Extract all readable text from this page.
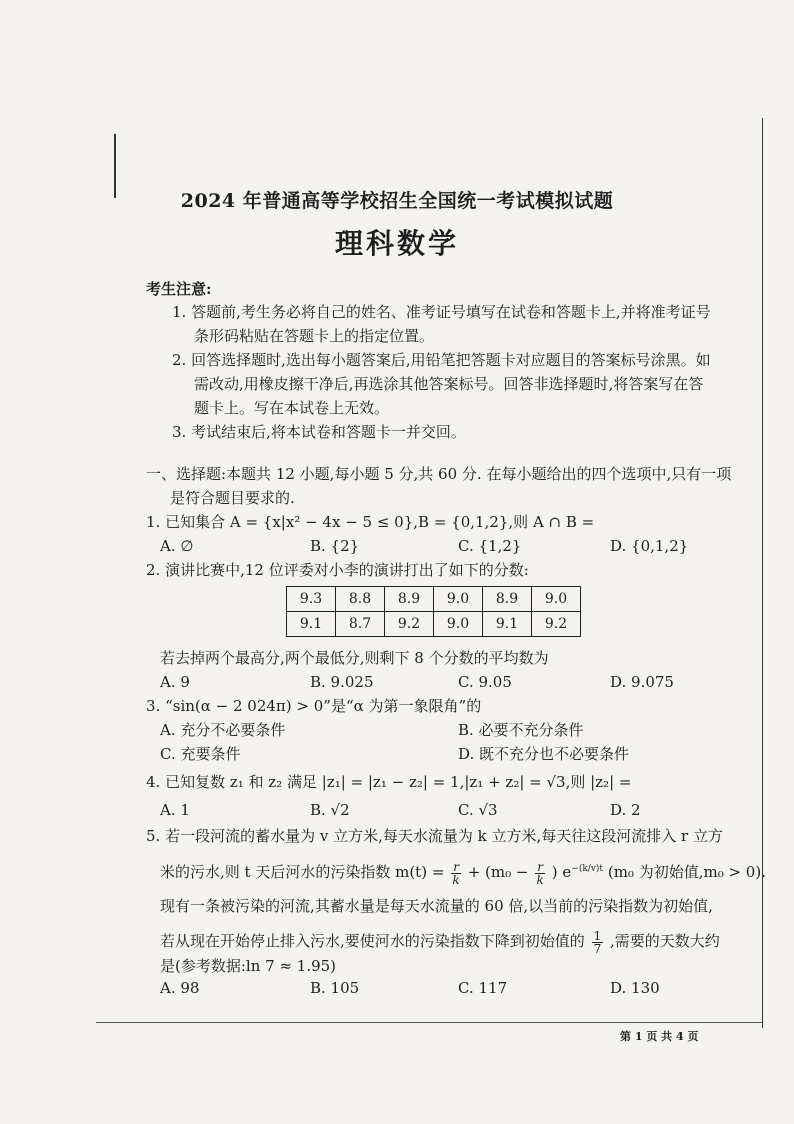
2024 年普通高等学校招生全国统一考试模拟试题
理科数学
考生注意:
1. 答题前,考生务必将自己的姓名、准考证号填写在试卷和答题卡上,并将准考证号
条形码粘贴在答题卡上的指定位置。
2. 回答选择题时,选出每小题答案后,用铅笔把答题卡对应题目的答案标号涂黑。如
需改动,用橡皮擦干净后,再选涂其他答案标号。回答非选择题时,将答案写在答
题卡上。写在本试卷上无效。
3. 考试结束后,将本试卷和答题卡一并交回。
一、选择题:本题共 12 小题,每小题 5 分,共 60 分. 在每小题给出的四个选项中,只有一项
是符合题目要求的.
1. 已知集合 A = {x|x² − 4x − 5 ≤ 0},B = {0,1,2},则 A ∩ B =
A. ∅	B. {2}	C. {1,2}	D. {0,1,2}
2. 演讲比赛中,12 位评委对小李的演讲打出了如下的分数:
9.3	8.8	8.9	9.0	8.9	9.0
9.1	8.7	9.2	9.0	9.1	9.2
若去掉两个最高分,两个最低分,则剩下 8 个分数的平均数为
A. 9	B. 9.025	C. 9.05	D. 9.075
3. “sin(α − 2 024π) > 0”是“α 为第一象限角”的
A. 充分不必要条件	B. 必要不充分条件
C. 充要条件	D. 既不充分也不必要条件
4. 已知复数 z₁ 和 z₂ 满足 |z₁| = |z₁ − z₂| = 1,|z₁ + z₂| = √3,则 |z₂| =
A. 1	B. √2	C. √3	D. 2
5. 若一段河流的蓄水量为 v 立方米,每天水流量为 k 立方米,每天往这段河流排入 r 立方
米的污水,则 t 天后河水的污染指数 $m(t) = \frac{r}{k} + (m_0 - \frac{r}{k}$ ) $e^{-(k/v)t}$ (m₀ 为初始值,m₀ > 0).
现有一条被污染的河流,其蓄水量是每天水流量的 60 倍,以当前的污染指数为初始值,
若从现在开始停止排入污水,要使河水的污染指数下降到初始值的 $\frac{1}{7}$ ,需要的天数大约
是(参考数据:ln 7 ≈ 1.95)
A. 98	B. 105	C. 117	D. 130
第 1 页 共 4 页
